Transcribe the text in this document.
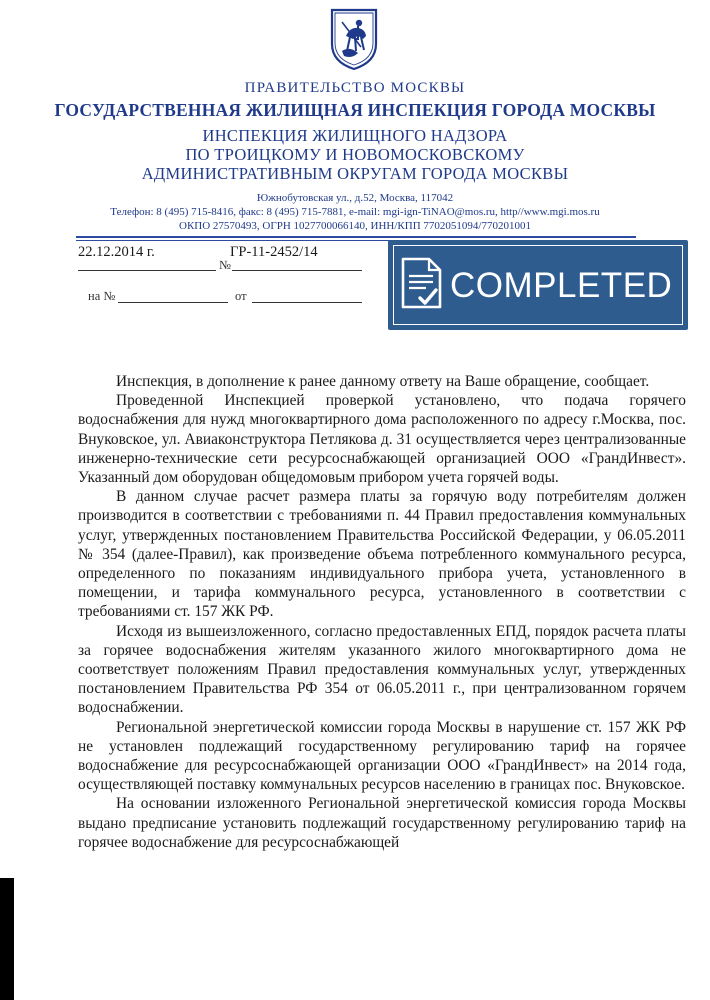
ПРАВИТЕЛЬСТВО МОСКВЫ
ГОСУДАРСТВЕННАЯ ЖИЛИЩНАЯ ИНСПЕКЦИЯ ГОРОДА МОСКВЫ
ИНСПЕКЦИЯ ЖИЛИЩНОГО НАДЗОРА
ПО ТРОИЦКОМУ И НОВОМОСКОВСКОМУ
АДМИНИСТРАТИВНЫМ ОКРУГАМ ГОРОДА МОСКВЫ
Южнобутовская ул., д.52, Москва, 117042
Телефон: 8 (495) 715-8416, факс: 8 (495) 715-7881, e-mail: mgi-ign-TiNAO@mos.ru, http//www.mgi.mos.ru
ОКПО 27570493, ОГРН 1027700066140, ИНН/КПП 7702051094/770201001
22.12.2014 г.	ГР-11-2452/14
№
на №	от	COMPLETED

Инспекция, в дополнение к ранее данному ответу на Ваше обращение, сообщает.

Проведенной Инспекцией проверкой установлено, что подача горячего водоснабжения для нужд многоквартирного дома расположенного по адресу г.Москва, пос. Внуковское, ул. Авиаконструктора Петлякова д. 31 осуществляется через централизованные инженерно-технические сети ресурсоснабжающей организацией ООО «ГрандИнвест». Указанный дом оборудован общедомовым прибором учета горячей воды.

В данном случае расчет размера платы за горячую воду потребителям должен производится в соответствии с требованиями п. 44 Правил предоставления коммунальных услуг, утвержденных постановлением Правительства Российской Федерации, у 06.05.2011 № 354 (далее-Правил), как произведение объема потребленного коммунального ресурса, определенного по показаниям индивидуального прибора учета, установленного в помещении, и тарифа коммунального ресурса, установленного в соответствии с требованиями ст. 157 ЖК РФ.

Исходя из вышеизложенного, согласно предоставленных ЕПД, порядок расчета платы за горячее водоснабжения жителям указанного жилого многоквартирного дома не соответствует положениям Правил предоставления коммунальных услуг, утвержденных постановлением Правительства РФ 354 от 06.05.2011 г., при централизованном горячем водоснабжении.

Региональной энергетической комиссии города Москвы в нарушение ст. 157 ЖК РФ не установлен подлежащий государственному регулированию тариф на горячее водоснабжение для ресурсоснабжающей организации ООО «ГрандИнвест» на 2014 года, осуществляющей поставку коммунальных ресурсов населению в границах пос. Внуковское.

На основании изложенного Региональной энергетической комиссия города Москвы выдано предписание установить подлежащий государственному регулированию тариф на горячее водоснабжение для ресурсоснабжающей
